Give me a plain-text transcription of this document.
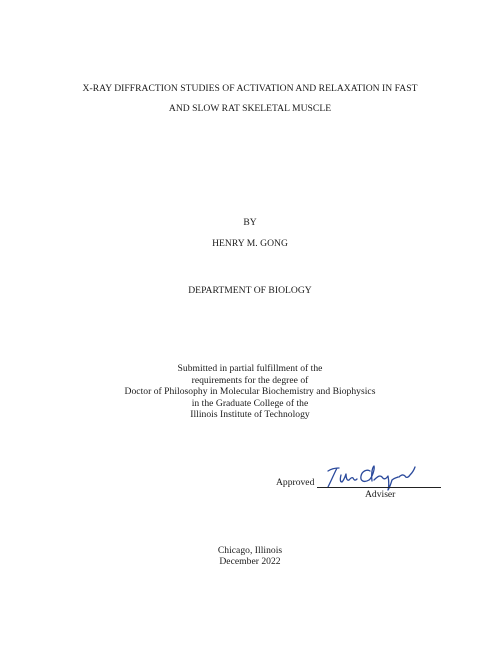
X-RAY DIFFRACTION STUDIES OF ACTIVATION AND RELAXATION IN FAST
AND SLOW RAT SKELETAL MUSCLE
BY
HENRY M. GONG
DEPARTMENT OF BIOLOGY
Submitted in partial fulfillment of the
requirements for the degree of
Doctor of Philosophy in Molecular Biochemistry and Biophysics
in the Graduate College of the
Illinois Institute of Technology
Approved
Adviser
Chicago, Illinois
December 2022
